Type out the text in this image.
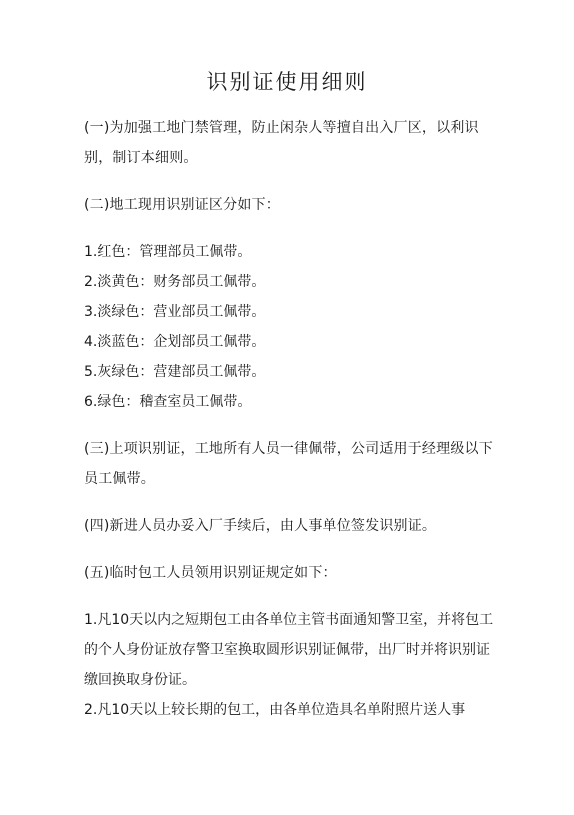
识别证使用细则

(一)为加强工地门禁管理，防止闲杂人等擅自出入厂区，以利识别，制订本细则。

(二)地工现用识别证区分如下：

1.红色：管理部员工佩带。

2.淡黄色：财务部员工佩带。

3.淡绿色：营业部员工佩带。

4.淡蓝色：企划部员工佩带。

5.灰绿色：营建部员工佩带。

6.绿色：稽查室员工佩带。

(三)上项识别证，工地所有人员一律佩带，公司适用于经理级以下员工佩带。

(四)新进人员办妥入厂手续后，由人事单位签发识别证。

(五)临时包工人员领用识别证规定如下：

1.凡10天以内之短期包工由各单位主管书面通知警卫室，并将包工的个人身份证放存警卫室换取圆形识别证佩带，出厂时并将识别证缴回换取身份证。

2.凡10天以上较长期的包工，由各单位造具名单附照片送人事
